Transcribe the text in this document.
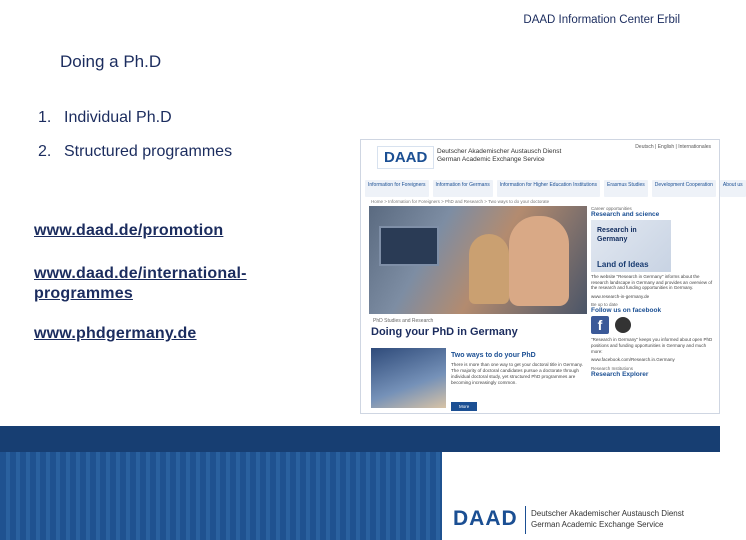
DAAD Information Center Erbil
Doing a Ph.D
1. Individual Ph.D
2. Structured programmes
www.daad.de/promotion
www.daad.de/international-programmes
www.phdgermany.de
DAAD	Deutscher Akademischer Austausch Dienst
German Academic Exchange Service
Deutsch | English | Internationales
Information for Foreigners	Information for Germans	Information for Higher Education Institutions	Erasmus Studies	Development Cooperation	About us
Home > Information for Foreigners > PhD and Research > Two ways to do your doctorate
PhD Studies and Research
Doing your PhD in Germany
Two ways to do your PhD
There is more than one way to get your doctoral title in Germany. The majority of doctoral candidates pursue a doctorate through individual doctoral study, yet structured PhD programmes are becoming increasingly common.
More
Career opportunities
Research and science
Research in
Germany
Land of Ideas
The website "Research in Germany" informs about the research landscape in Germany and provides an overview of the research and funding opportunities in Germany.
www.research-in-germany.de
Be up to date
Follow us on facebook
f
"Research in Germany" keeps you informed about open PhD positions and funding opportunities in Germany and much more:
www.facebook.com/Research.in.Germany
Research Institutions
Research Explorer
DAAD Deutscher Akademischer Austausch Dienst
German Academic Exchange Service
